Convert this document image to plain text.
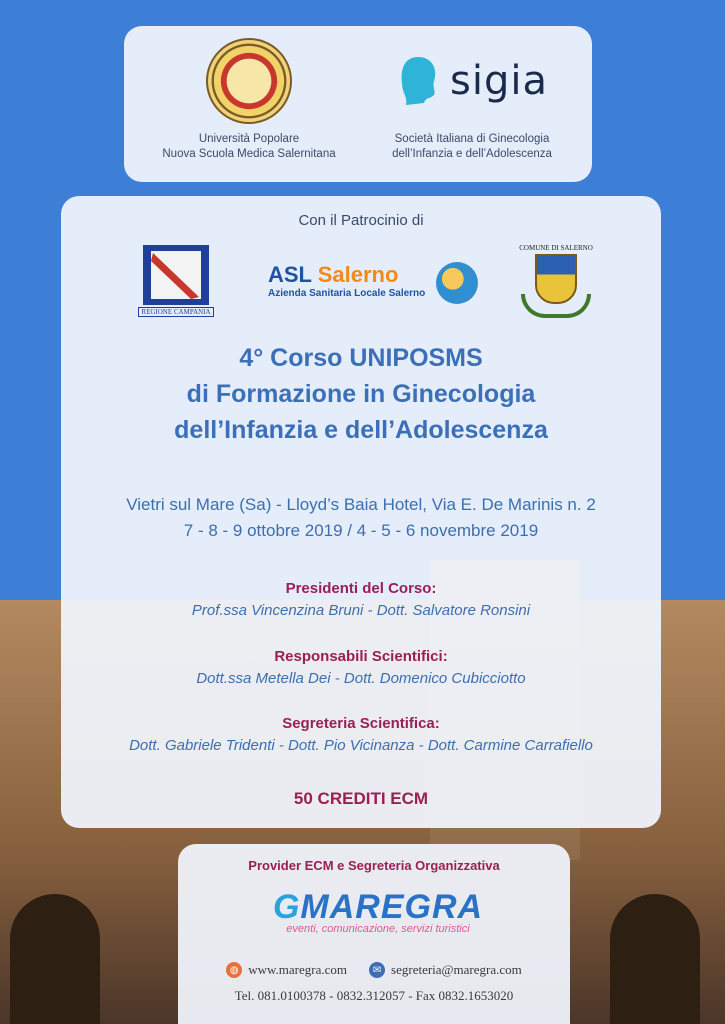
Università Popolare
Nuova Scuola Medica Salernitana
sigia
Società Italiana di Ginecologia
dell’Infanzia e dell’Adolescenza
Con il Patrocinio di
REGIONE CAMPANIA
ASL Salerno
Azienda Sanitaria Locale Salerno
COMUNE DI SALERNO
4° Corso UNIPOSMS
di Formazione in Ginecologia
dell’Infanzia e dell’Adolescenza
Vietri sul Mare (Sa) - Lloyd’s Baia Hotel, Via E. De Marinis n. 2
7 - 8 - 9 ottobre 2019 / 4 - 5 - 6 novembre 2019
Presidenti del Corso:
Prof.ssa Vincenzina Bruni - Dott. Salvatore Ronsini
Responsabili Scientifici:
Dott.ssa Metella Dei - Dott. Domenico Cubicciotto
Segreteria Scientifica:
Dott. Gabriele Tridenti - Dott. Pio Vicinanza - Dott. Carmine Carrafiello
50 CREDITI ECM
Provider ECM e Segreteria Organizzativa
GMAREGRA
eventi, comunicazione, servizi turistici
◍ www.maregra.com	✉ segreteria@maregra.com
Tel. 081.0100378 - 0832.312057 - Fax 0832.1653020
